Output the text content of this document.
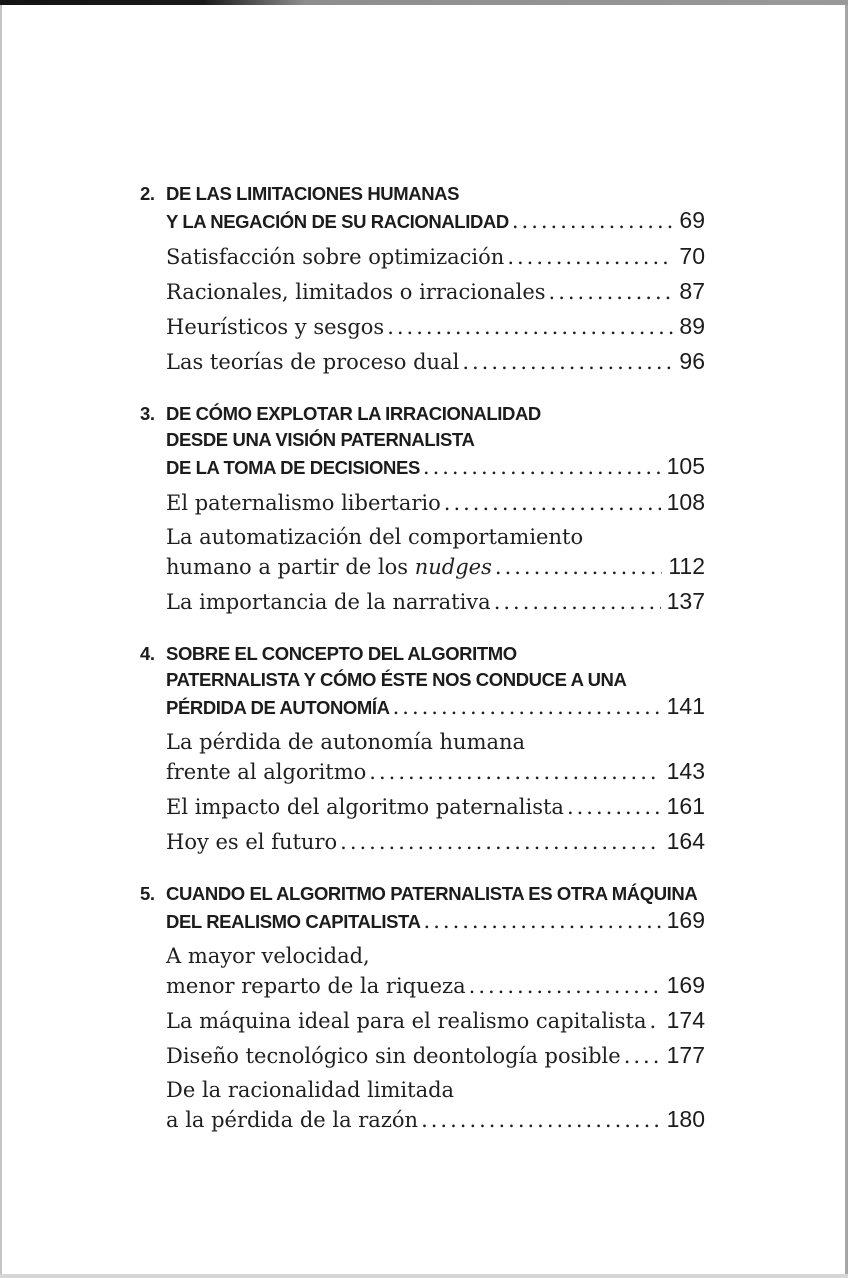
2. DE LAS LIMITACIONES HUMANAS
Y LA NEGACIÓN DE SU RACIONALIDAD .....	69
Satisfacción sobre optimización .....	70
Racionales, limitados o irracionales .....	87
Heurísticos y sesgos .....	89
Las teorías de proceso dual .....	96
3. DE CÓMO EXPLOTAR LA IRRACIONALIDAD
DESDE UNA VISIÓN PATERNALISTA
DE LA TOMA DE DECISIONES .....	105
El paternalismo libertario .....	108
La automatización del comportamiento
humano a partir de los nudges .....	112
La importancia de la narrativa .....	137
4. SOBRE EL CONCEPTO DEL ALGORITMO
PATERNALISTA Y CÓMO ÉSTE NOS CONDUCE A UNA
PÉRDIDA DE AUTONOMÍA .....	141
La pérdida de autonomía humana
frente al algoritmo .....	143
El impacto del algoritmo paternalista .....	161
Hoy es el futuro .....	164
5. CUANDO EL ALGORITMO PATERNALISTA ES OTRA MÁQUINA
DEL REALISMO CAPITALISTA .....	169
A mayor velocidad,
menor reparto de la riqueza .....	169
La máquina ideal para el realismo capitalista ..... 174
Diseño tecnológico sin deontología posible ..... 177
De la racionalidad limitada
a la pérdida de la razón .....	180
